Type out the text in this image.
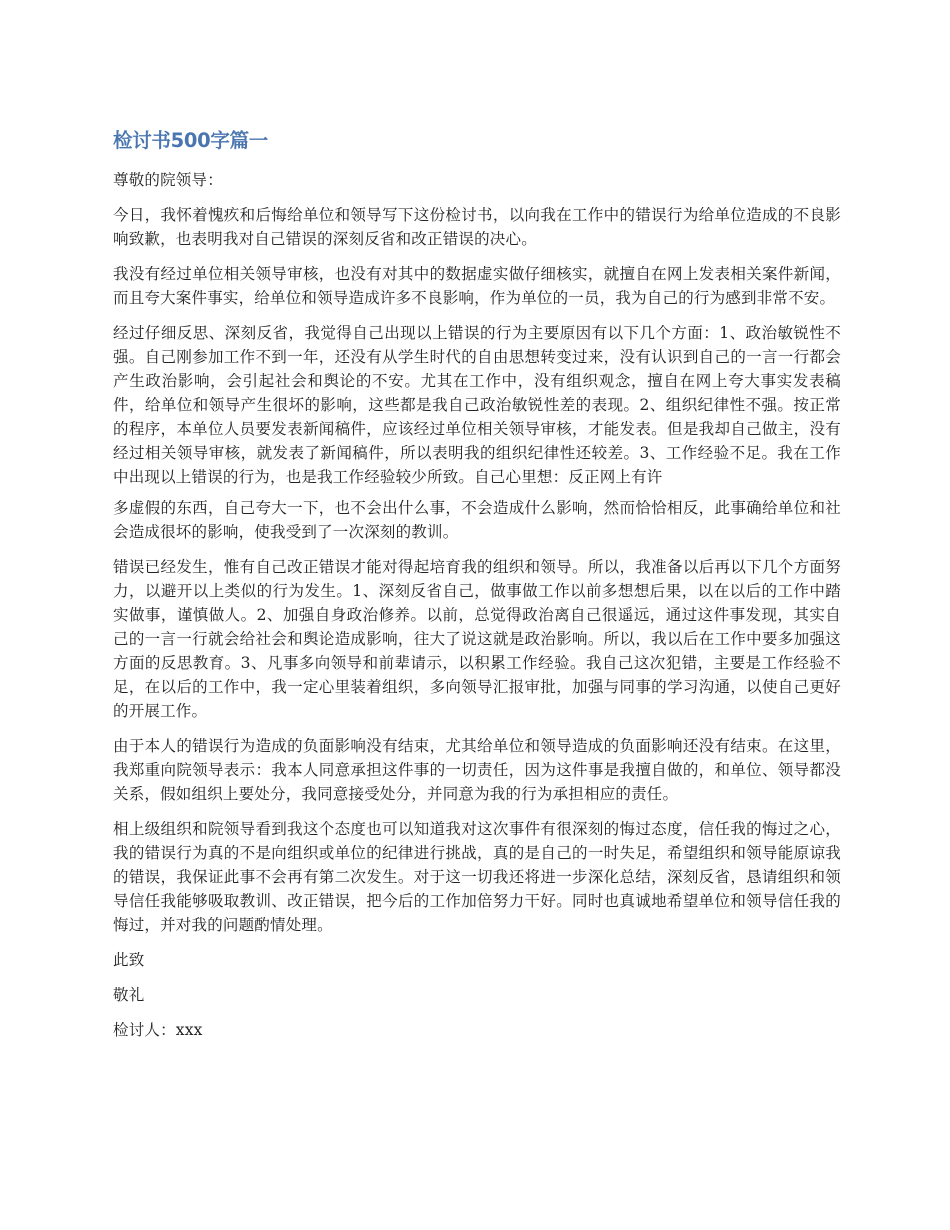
检讨书500字篇一

尊敬的院领导：

今日，我怀着愧疚和后悔给单位和领导写下这份检讨书，以向我在工作中的错误行为给单位造成的不良影响致歉，也表明我对自己错误的深刻反省和改正错误的决心。

我没有经过单位相关领导审核，也没有对其中的数据虚实做仔细核实，就擅自在网上发表相关案件新闻，而且夸大案件事实，给单位和领导造成许多不良影响，作为单位的一员，我为自己的行为感到非常不安。

经过仔细反思、深刻反省，我觉得自己出现以上错误的行为主要原因有以下几个方面：1、政治敏锐性不强。自己刚参加工作不到一年，还没有从学生时代的自由思想转变过来，没有认识到自己的一言一行都会产生政治影响，会引起社会和舆论的不安。尤其在工作中，没有组织观念，擅自在网上夸大事实发表稿件，给单位和领导产生很坏的影响，这些都是我自己政治敏锐性差的表现。2、组织纪律性不强。按正常的程序，本单位人员要发表新闻稿件，应该经过单位相关领导审核，才能发表。但是我却自己做主，没有经过相关领导审核，就发表了新闻稿件，所以表明我的组织纪律性还较差。3、工作经验不足。我在工作中出现以上错误的行为，也是我工作经验较少所致。自己心里想：反正网上有许

多虚假的东西，自己夸大一下，也不会出什么事，不会造成什么影响，然而恰恰相反，此事确给单位和社会造成很坏的影响，使我受到了一次深刻的教训。

错误已经发生，惟有自己改正错误才能对得起培育我的组织和领导。所以，我准备以后再以下几个方面努力，以避开以上类似的行为发生。1、深刻反省自己，做事做工作以前多想想后果，以在以后的工作中踏实做事，谨慎做人。2、加强自身政治修养。以前，总觉得政治离自己很遥远，通过这件事发现，其实自己的一言一行就会给社会和舆论造成影响，往大了说这就是政治影响。所以，我以后在工作中要多加强这方面的反思教育。3、凡事多向领导和前辈请示，以积累工作经验。我自己这次犯错，主要是工作经验不足，在以后的工作中，我一定心里装着组织，多向领导汇报审批，加强与同事的学习沟通，以使自己更好的开展工作。

由于本人的错误行为造成的负面影响没有结束，尤其给单位和领导造成的负面影响还没有结束。在这里，我郑重向院领导表示：我本人同意承担这件事的一切责任，因为这件事是我擅自做的，和单位、领导都没关系，假如组织上要处分，我同意接受处分，并同意为我的行为承担相应的责任。

相上级组织和院领导看到我这个态度也可以知道我对这次事件有很深刻的悔过态度，信任我的悔过之心，我的错误行为真的不是向组织或单位的纪律进行挑战，真的是自己的一时失足，希望组织和领导能原谅我的错误，我保证此事不会再有第二次发生。对于这一切我还将进一步深化总结，深刻反省，恳请组织和领导信任我能够吸取教训、改正错误，把今后的工作加倍努力干好。同时也真诚地希望单位和领导信任我的悔过，并对我的问题酌情处理。

此致

敬礼

检讨人：xxx
